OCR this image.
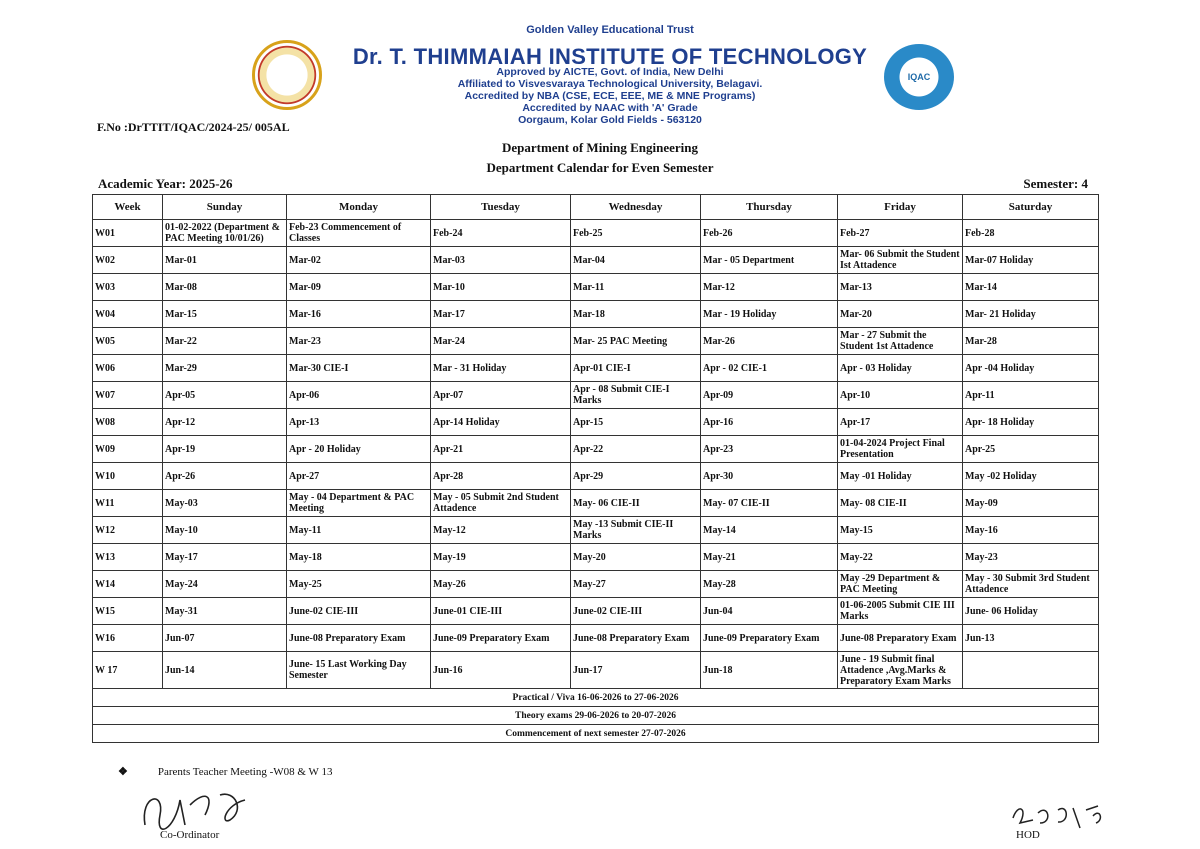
IQAC
Golden Valley Educational Trust
Dr. T. THIMMAIAH INSTITUTE OF TECHNOLOGY
Approved by AICTE, Govt. of India, New Delhi
Affiliated to Visvesvaraya Technological University, Belagavi.
Accredited by NBA (CSE, ECE, EEE, ME & MNE Programs)
Accredited by NAAC with 'A' Grade
Oorgaum, Kolar Gold Fields - 563120
F.No :DrTTIT/IQAC/2024-25/ 005AL
Department of Mining Engineering
Department Calendar for Even Semester
Academic Year: 2025-26	Semester: 4
Week	Sunday	Monday	Tuesday	Wednesday	Thursday	Friday	Saturday
W01	01-02-2022 (Department & PAC Meeting 10/01/26)	Feb-23 Commencement of Classes	Feb-24	Feb-25	Feb-26	Feb-27	Feb-28
W02	Mar-01	Mar-02	Mar-03	Mar-04	Mar - 05 Department	Mar- 06 Submit the Student Ist Attadence	Mar-07 Holiday
W03	Mar-08	Mar-09	Mar-10	Mar-11	Mar-12	Mar-13	Mar-14
W04	Mar-15	Mar-16	Mar-17	Mar-18	Mar - 19 Holiday	Mar-20	Mar- 21 Holiday
W05	Mar-22	Mar-23	Mar-24	Mar- 25 PAC Meeting	Mar-26	Mar - 27 Submit the Student 1st Attadence	Mar-28
W06	Mar-29	Mar-30 CIE-I	Mar - 31 Holiday	Apr-01 CIE-I	Apr - 02 CIE-1	Apr - 03 Holiday	Apr -04 Holiday
W07	Apr-05	Apr-06	Apr-07	Apr - 08 Submit CIE-I Marks	Apr-09	Apr-10	Apr-11
W08	Apr-12	Apr-13	Apr-14 Holiday	Apr-15	Apr-16	Apr-17	Apr- 18 Holiday
W09	Apr-19	Apr - 20 Holiday	Apr-21	Apr-22	Apr-23	01-04-2024 Project Final Presentation	Apr-25
W10	Apr-26	Apr-27	Apr-28	Apr-29	Apr-30	May -01 Holiday	May -02 Holiday
W11	May-03	May - 04 Department & PAC Meeting	May - 05 Submit 2nd Student Attadence	May- 06 CIE-II	May- 07 CIE-II	May- 08 CIE-II	May-09
W12	May-10	May-11	May-12	May -13 Submit CIE-II Marks	May-14	May-15	May-16
W13	May-17	May-18	May-19	May-20	May-21	May-22	May-23
W14	May-24	May-25	May-26	May-27	May-28	May -29 Department & PAC Meeting	May - 30 Submit 3rd Student Attadence
W15	May-31	June-02 CIE-III	June-01 CIE-III	June-02 CIE-III	Jun-04	01-06-2005 Submit CIE III Marks	June- 06 Holiday
W16	Jun-07	June-08 Preparatory Exam	June-09 Preparatory Exam	June-08 Preparatory Exam	June-09 Preparatory Exam	June-08 Preparatory Exam	Jun-13
W 17	Jun-14	June- 15 Last Working Day Semester	Jun-16	Jun-17	Jun-18	June - 19 Submit final Attadence ,Avg.Marks & Preparatory Exam Marks	
Practical / Viva 16-06-2026 to 27-06-2026							
Theory exams 29-06-2026 to 20-07-2026							
Commencement of next semester 27-07-2026							
❖	Parents Teacher Meeting -W08 & W 13
Co-Ordinator	HOD
